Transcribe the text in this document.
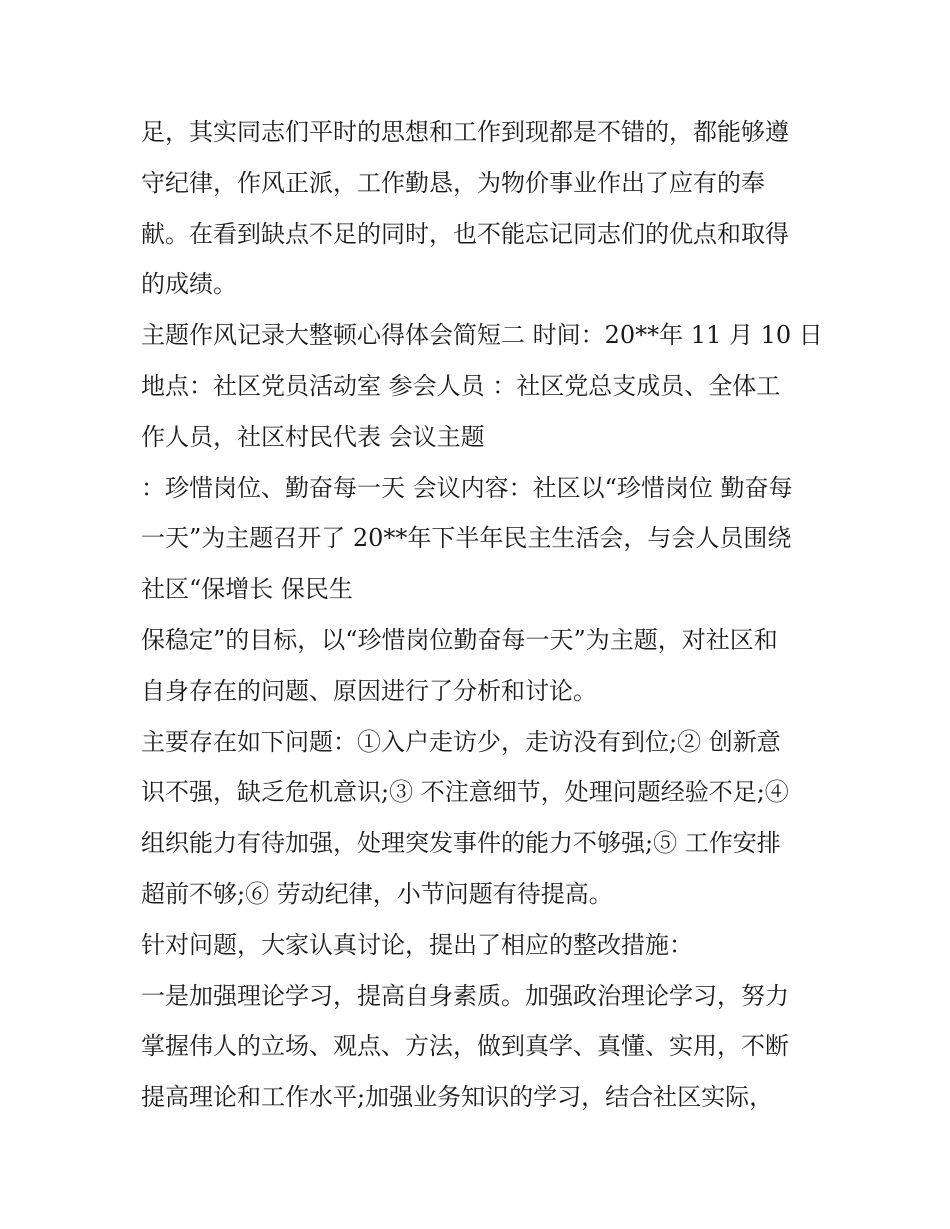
足，其实同志们平时的思想和工作到现都是不错的，都能够遵
守纪律，作风正派，工作勤恳，为物价事业作出了应有的奉
献。在看到缺点不足的同时，也不能忘记同志们的优点和取得
的成绩。
主题作风记录大整顿心得体会简短二 时间：20**年 11 月 10 日
地点：社区党员活动室 参会人员 ：社区党总支成员、全体工
作人员，社区村民代表 会议主题
：珍惜岗位、勤奋每一天 会议内容：社区以“珍惜岗位 勤奋每
一天”为主题召开了 20**年下半年民主生活会，与会人员围绕
社区“保增长 保民生
保稳定”的目标，以“珍惜岗位勤奋每一天”为主题，对社区和
自身存在的问题、原因进行了分析和讨论。
主要存在如下问题：①入户走访少，走访没有到位;② 创新意
识不强，缺乏危机意识;③ 不注意细节，处理问题经验不足;④
组织能力有待加强，处理突发事件的能力不够强;⑤ 工作安排
超前不够;⑥ 劳动纪律，小节问题有待提高。
针对问题，大家认真讨论，提出了相应的整改措施：
一是加强理论学习，提高自身素质。加强政治理论学习，努力
掌握伟人的立场、观点、方法，做到真学、真懂、实用，不断
提高理论和工作水平;加强业务知识的学习，结合社区实际，
